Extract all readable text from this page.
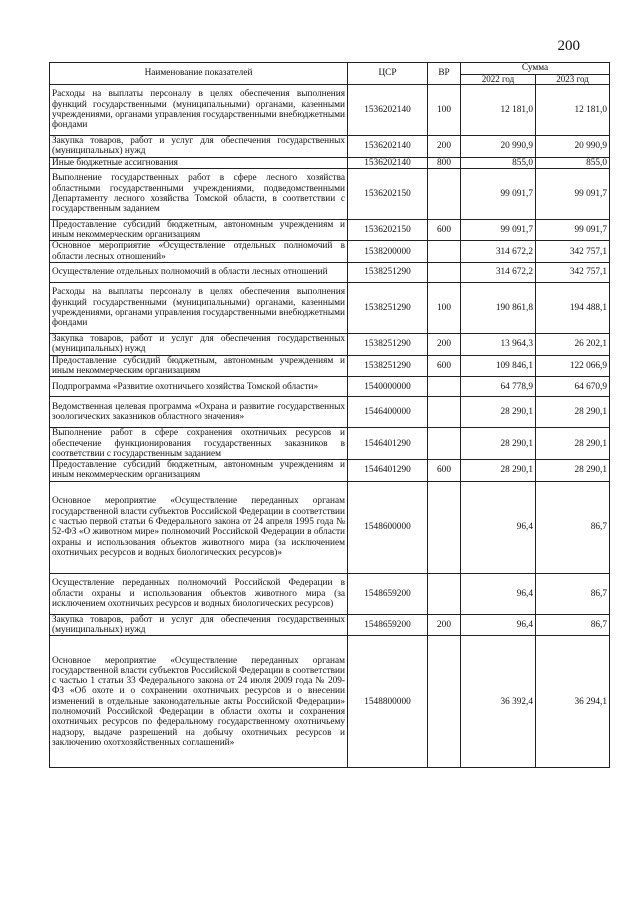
200
Наименование показателей	ЦСР	ВР	Сумма	
			2022 год	2023 год
Расходы на выплаты персоналу в целях обеспечения выполнения функций государственными (муниципальными) органами, казенными учреждениями, органами управления государственными внебюджетными фондами	1536202140	100	12 181,0	12 181,0
Закупка товаров, работ и услуг для обеспечения государственных (муниципальных) нужд	1536202140	200	20 990,9	20 990,9
Иные бюджетные ассигнования	1536202140	800	855,0	855,0
Выполнение государственных работ в сфере лесного хозяйства областными государственными учреждениями, подведомственными Департаменту лесного хозяйства Томской области, в соответствии с государственным заданием	1536202150		99 091,7	99 091,7
Предоставление субсидий бюджетным, автономным учреждениям и иным некоммерческим организациям	1536202150	600	99 091,7	99 091,7
Основное мероприятие «Осуществление отдельных полномочий в области лесных отношений»	1538200000		314 672,2	342 757,1
Осуществление отдельных полномочий в области лесных отношений	1538251290		314 672,2	342 757,1
Расходы на выплаты персоналу в целях обеспечения выполнения функций государственными (муниципальными) органами, казенными учреждениями, органами управления государственными внебюджетными фондами	1538251290	100	190 861,8	194 488,1
Закупка товаров, работ и услуг для обеспечения государственных (муниципальных) нужд	1538251290	200	13 964,3	26 202,1
Предоставление субсидий бюджетным, автономным учреждениям и иным некоммерческим организациям	1538251290	600	109 846,1	122 066,9
Подпрограмма «Развитие охотничьего хозяйства Томской области»	1540000000		64 778,9	64 670,9
Ведомственная целевая программа «Охрана и развитие государственных зоологических заказников областного значения»	1546400000		28 290,1	28 290,1
Выполнение работ в сфере сохранения охотничьих ресурсов и обеспечение функционирования государственных заказников в соответствии с государственным заданием	1546401290		28 290,1	28 290,1
Предоставление субсидий бюджетным, автономным учреждениям и иным некоммерческим организациям	1546401290	600	28 290,1	28 290,1
Основное мероприятие «Осуществление переданных органам государственной власти субъектов Российской Федерации в соответствии с частью первой статьи 6 Федерального закона от 24 апреля 1995 года № 52-ФЗ «О животном мире» полномочий Российской Федерации в области охраны и использования объектов животного мира (за исключением охотничьих ресурсов и водных биологических ресурсов)»	1548600000		96,4	86,7
Осуществление переданных полномочий Российской Федерации в области охраны и использования объектов животного мира (за исключением охотничьих ресурсов и водных биологических ресурсов)	1548659200		96,4	86,7
Закупка товаров, работ и услуг для обеспечения государственных (муниципальных) нужд	1548659200	200	96,4	86,7
Основное мероприятие «Осуществление переданных органам государственной власти субъектов Российской Федерации в соответствии с частью 1 статьи 33 Федерального закона от 24 июля 2009 года № 209-ФЗ «Об охоте и о сохранении охотничьих ресурсов и о внесении изменений в отдельные законодательные акты Российской Федерации» полномочий Российской Федерации в области охоты и сохранения охотничьих ресурсов по федеральному государственному охотничьему надзору, выдаче разрешений на добычу охотничьих ресурсов и заключению охотхозяйственных соглашений»	1548800000		36 392,4	36 294,1
